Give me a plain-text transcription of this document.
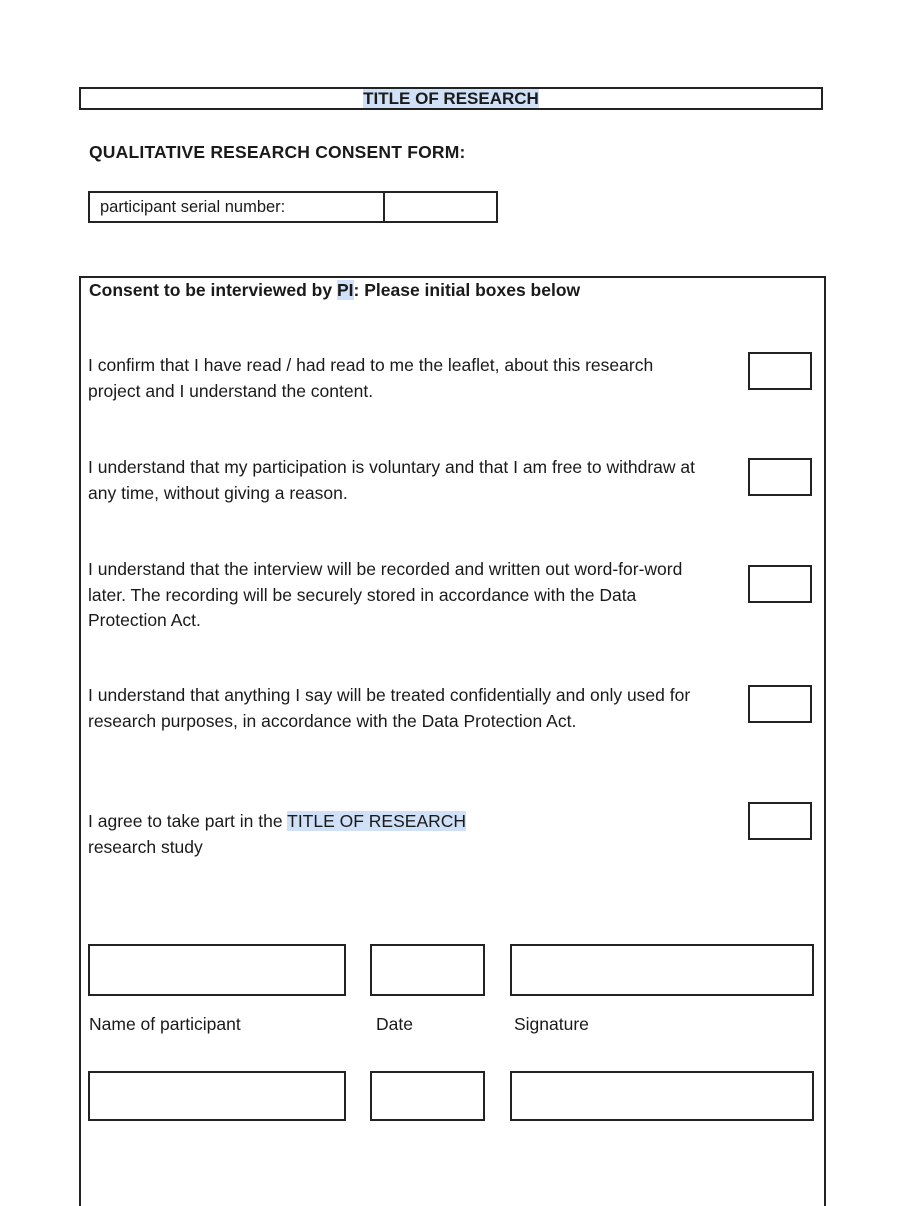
TITLE OF RESEARCH
QUALITATIVE RESEARCH CONSENT FORM:
participant serial number:
Consent to be interviewed by PI: Please initial boxes below
I confirm that I have read / had read to me the leaflet, about this research project and I understand the content.
I understand that my participation is voluntary and that I am free to withdraw at any time, without giving a reason.
I understand that the interview will be recorded and written out word-for-word later. The recording will be securely stored in accordance with the Data Protection Act.
I understand that anything I say will be treated confidentially and only used for research purposes, in accordance with the Data Protection Act.
I agree to take part in the TITLE OF RESEARCH
research study
Name of participant	Date	Signature
